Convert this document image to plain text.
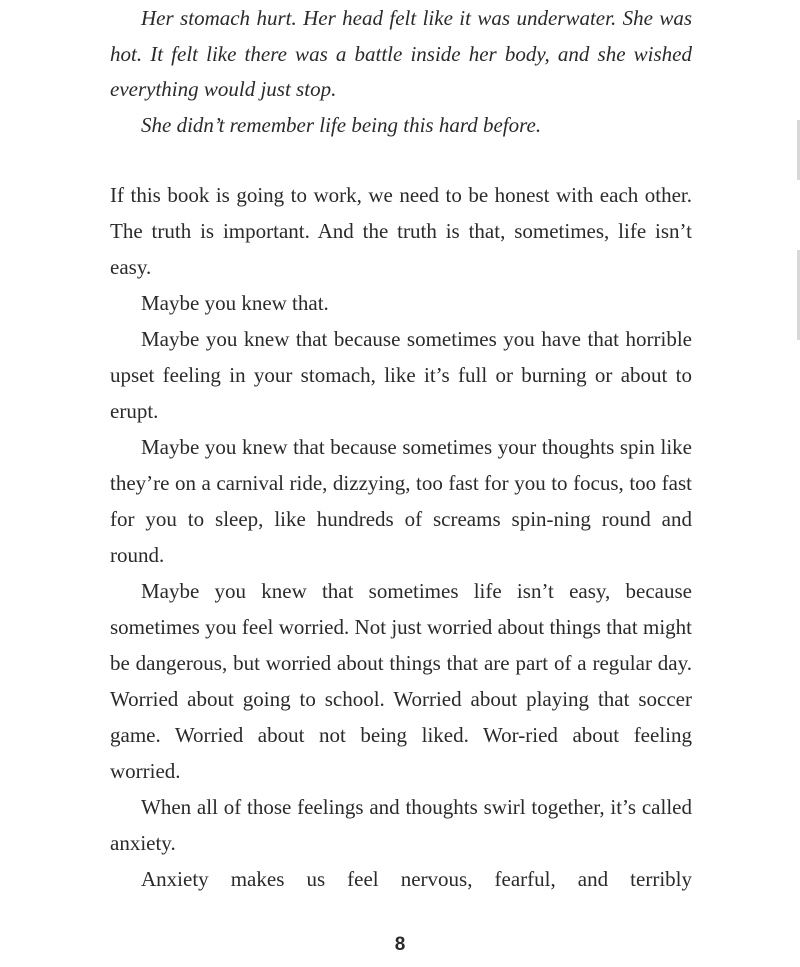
Her stomach hurt. Her head felt like it was underwater. She was hot. It felt like there was a battle inside her body, and she wished everything would just stop.

She didn’t remember life being this hard before.

If this book is going to work, we need to be honest with each other. The truth is important. And the truth is that, sometimes, life isn’t easy.

Maybe you knew that.

Maybe you knew that because sometimes you have that horrible upset feeling in your stomach, like it’s full or burning or about to erupt.

Maybe you knew that because sometimes your thoughts spin like they’re on a carnival ride, dizzying, too fast for you to focus, too fast for you to sleep, like hundreds of screams spin-ning round and round.

Maybe you knew that sometimes life isn’t easy, because sometimes you feel worried. Not just worried about things that might be dangerous, but worried about things that are part of a regular day. Worried about going to school. Worried about playing that soccer game. Worried about not being liked. Wor-ried about feeling worried.

When all of those feelings and thoughts swirl together, it’s called anxiety.

Anxiety makes us feel nervous, fearful, and terribly

8
